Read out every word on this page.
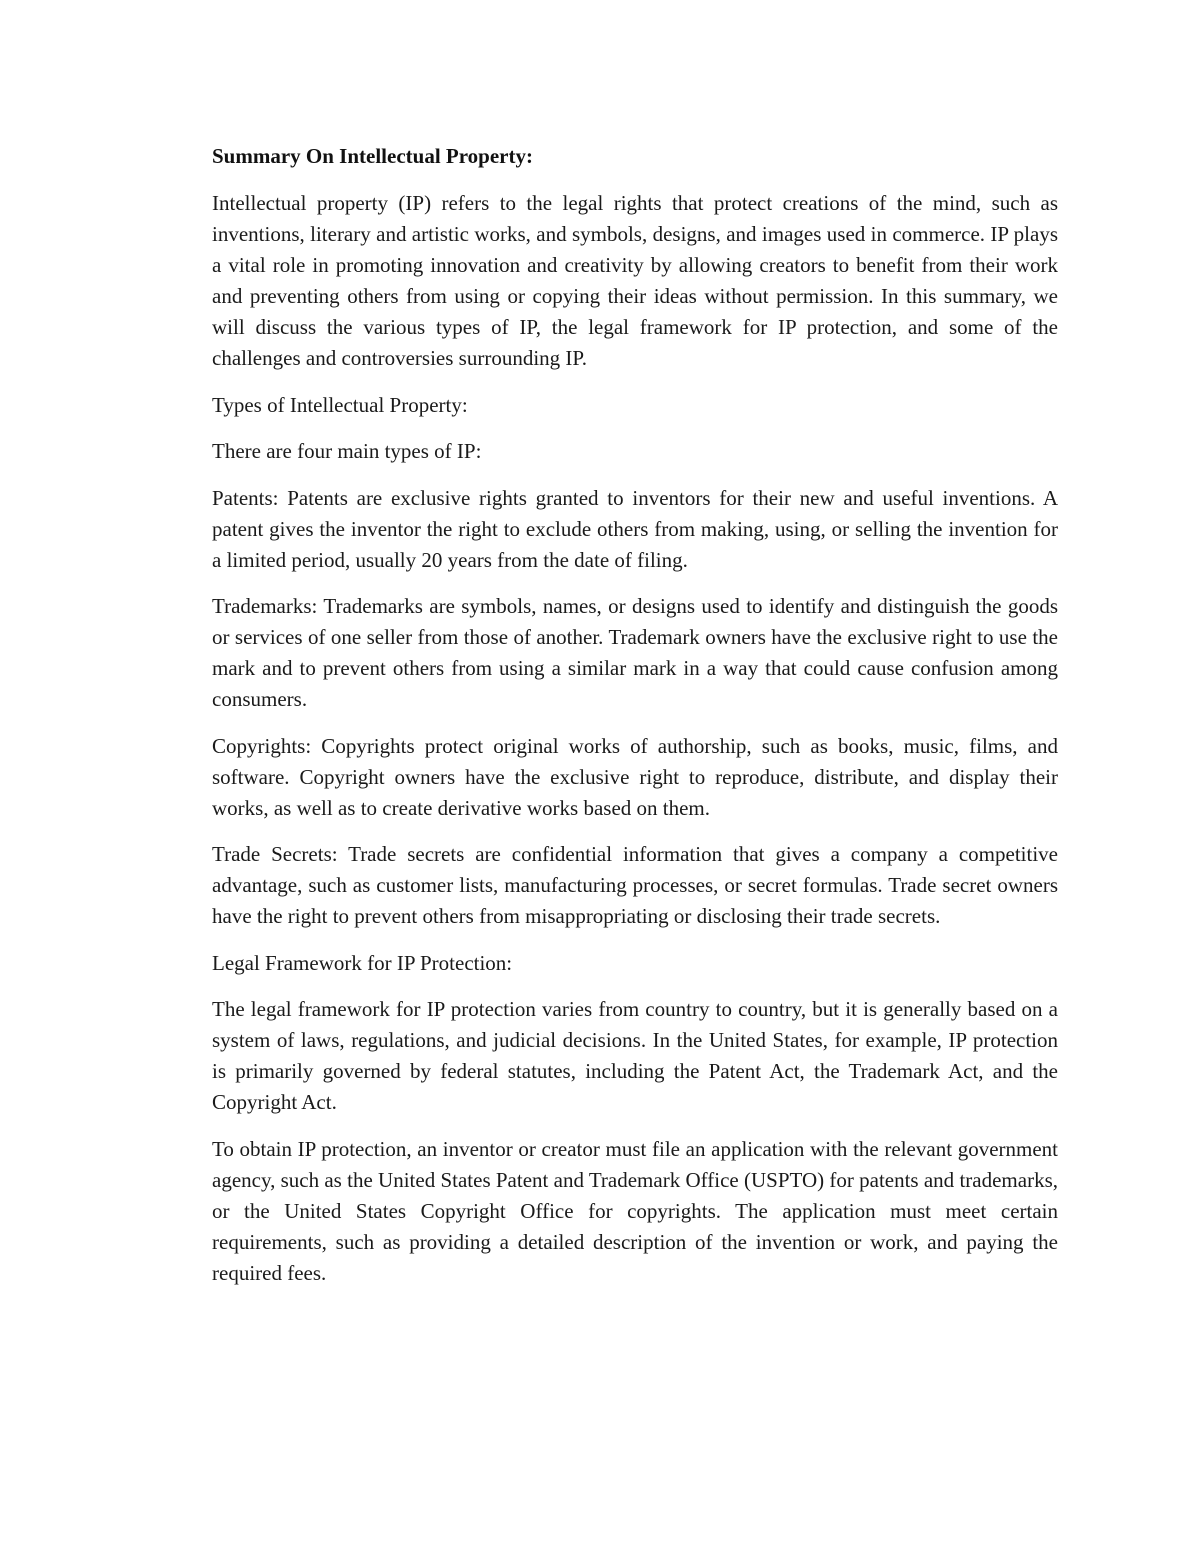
Summary On Intellectual Property:

Intellectual property (IP) refers to the legal rights that protect creations of the mind, such as inventions, literary and artistic works, and symbols, designs, and images used in commerce. IP plays a vital role in promoting innovation and creativity by allowing creators to benefit from their work and preventing others from using or copying their ideas without permission. In this summary, we will discuss the various types of IP, the legal framework for IP protection, and some of the challenges and controversies surrounding IP.

Types of Intellectual Property:

There are four main types of IP:

Patents: Patents are exclusive rights granted to inventors for their new and useful inventions. A patent gives the inventor the right to exclude others from making, using, or selling the invention for a limited period, usually 20 years from the date of filing.

Trademarks: Trademarks are symbols, names, or designs used to identify and distinguish the goods or services of one seller from those of another. Trademark owners have the exclusive right to use the mark and to prevent others from using a similar mark in a way that could cause confusion among consumers.

Copyrights: Copyrights protect original works of authorship, such as books, music, films, and software. Copyright owners have the exclusive right to reproduce, distribute, and display their works, as well as to create derivative works based on them.

Trade Secrets: Trade secrets are confidential information that gives a company a competitive advantage, such as customer lists, manufacturing processes, or secret formulas. Trade secret owners have the right to prevent others from misappropriating or disclosing their trade secrets.

Legal Framework for IP Protection:

The legal framework for IP protection varies from country to country, but it is generally based on a system of laws, regulations, and judicial decisions. In the United States, for example, IP protection is primarily governed by federal statutes, including the Patent Act, the Trademark Act, and the Copyright Act.

To obtain IP protection, an inventor or creator must file an application with the relevant government agency, such as the United States Patent and Trademark Office (USPTO) for patents and trademarks, or the United States Copyright Office for copyrights. The application must meet certain requirements, such as providing a detailed description of the invention or work, and paying the required fees.
